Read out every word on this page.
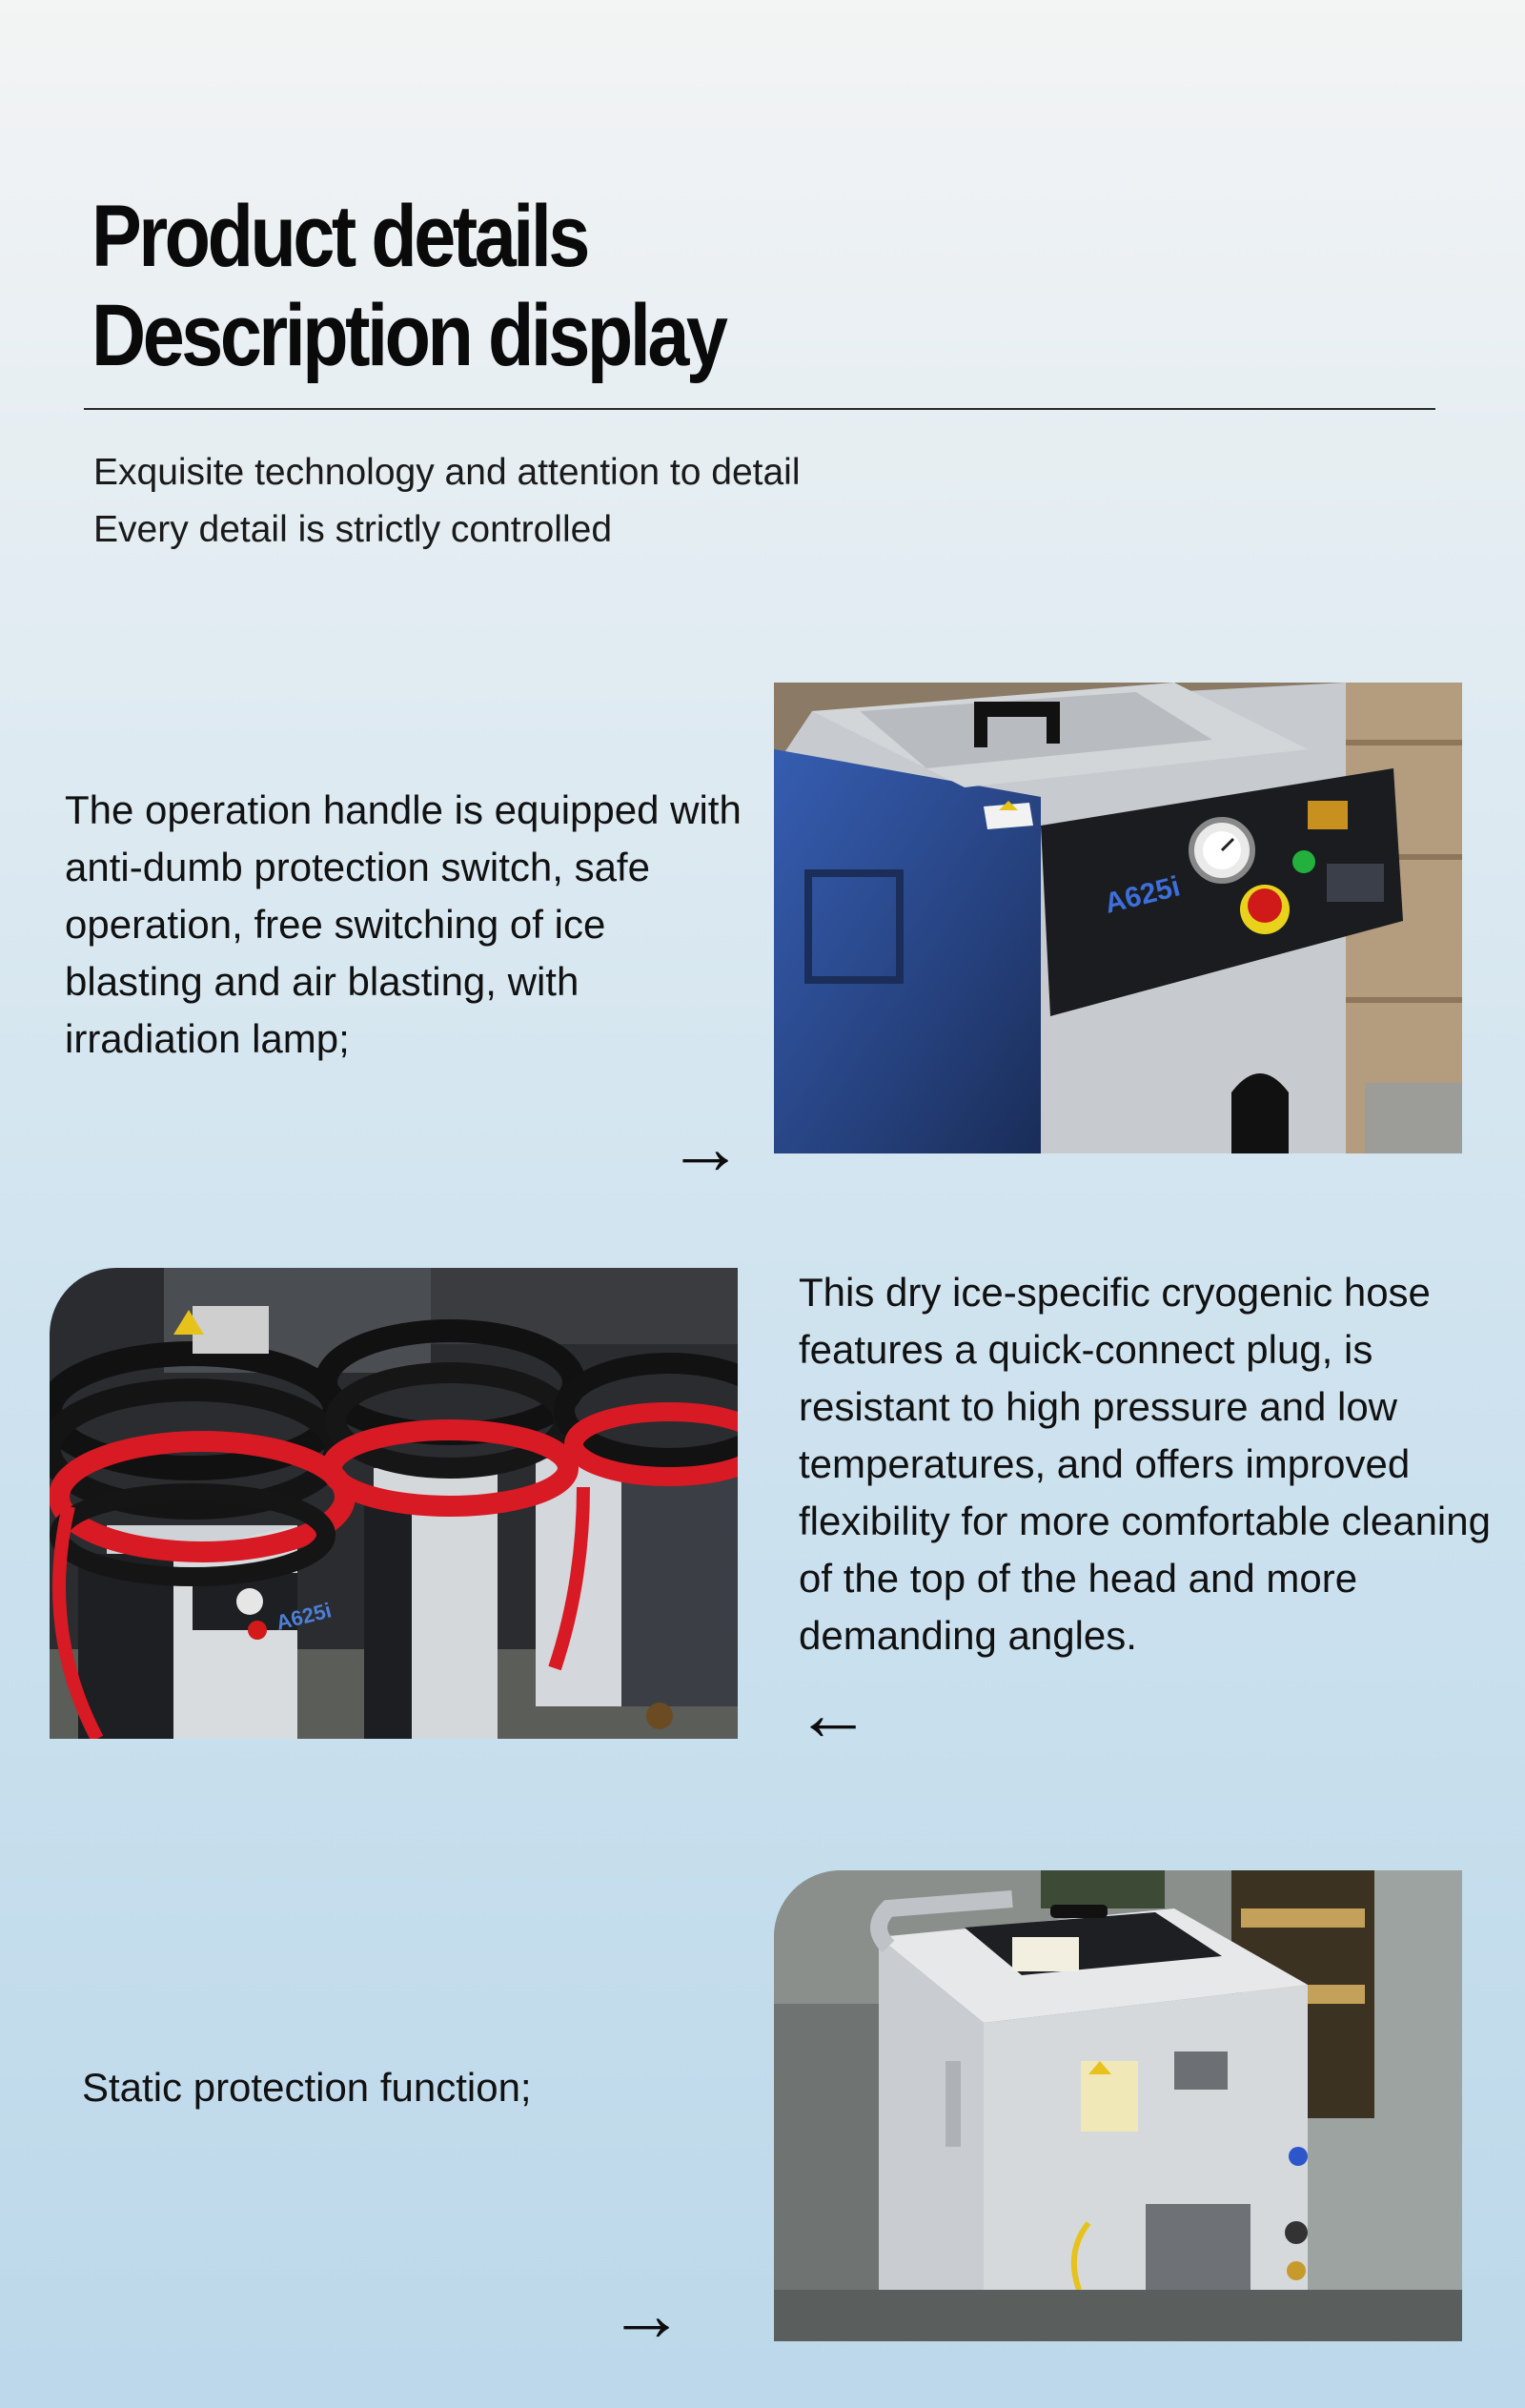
Product details
Description display
Exquisite technology and attention to detail
Every detail is strictly controlled
The operation handle is equipped with anti-dumb protection switch, safe operation, free switching of ice blasting and air blasting, with irradiation lamp;
→
A625i
A625i
This dry ice-specific cryogenic hose features a quick-connect plug, is resistant to high pressure and low temperatures, and offers improved flexibility for more comfortable cleaning of the top of the head and more demanding angles.
←
Static protection function;
→
